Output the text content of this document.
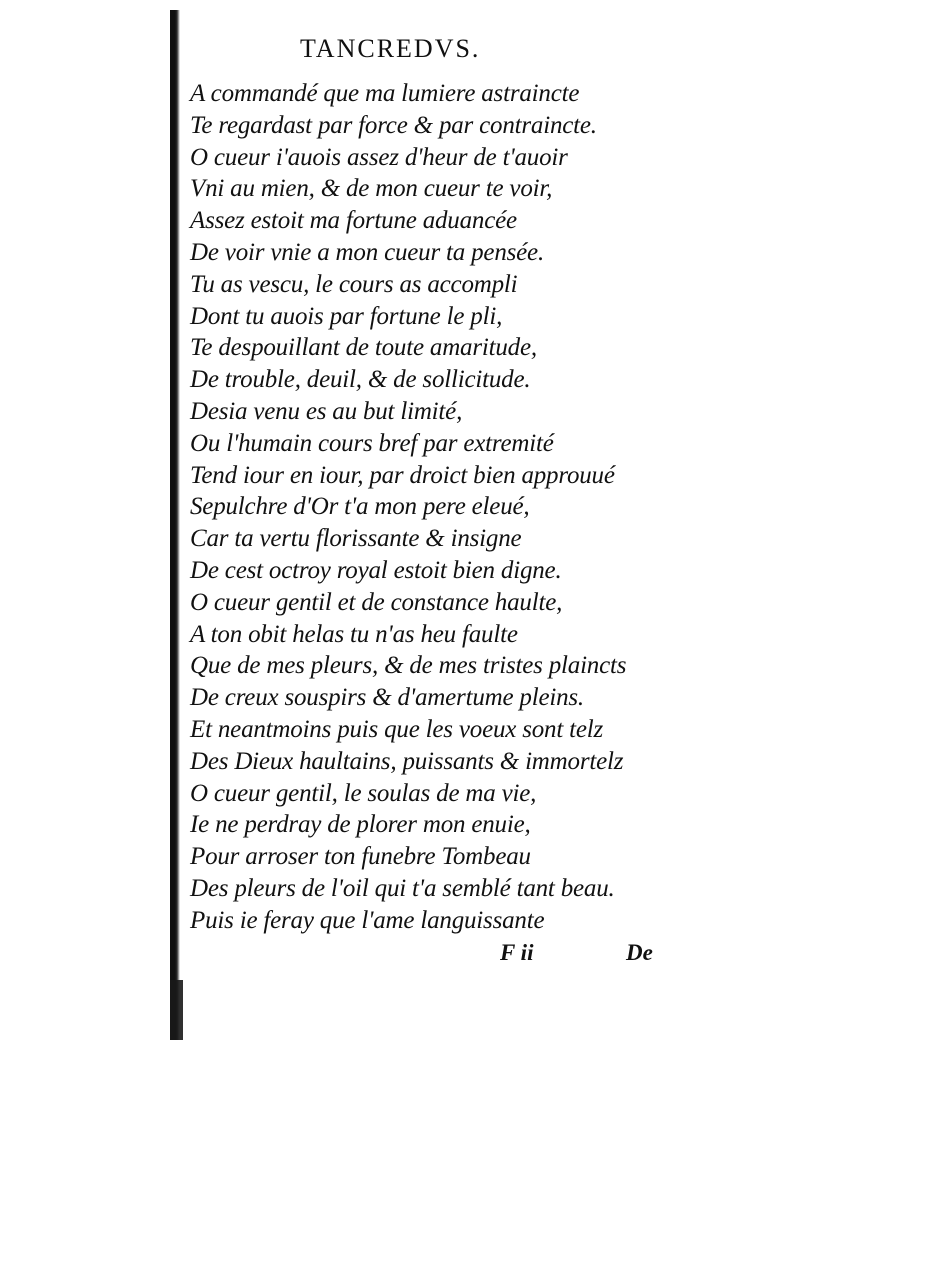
TANCREDVS.
A commandé que ma lumiere astraincte
Te regardast par force & par contraincte.
O cueur i'auois assez d'heur de t'auoir
Vni au mien, & de mon cueur te voir,
Assez estoit ma fortune aduancée
De voir vnie a mon cueur ta pensée.
Tu as vescu, le cours as accompli
Dont tu auois par fortune le pli,
Te despouillant de toute amaritude,
De trouble, deuil, & de sollicitude.
Desia venu es au but limité,
Ou l'humain cours bref par extremité
Tend iour en iour, par droict bien approuué
Sepulchre d'Or t'a mon pere eleué,
Car ta vertu florissante & insigne
De cest octroy royal estoit bien digne.
O cueur gentil et de constance haulte,
A ton obit helas tu n'as heu faulte
Que de mes pleurs, & de mes tristes plaincts
De creux souspirs & d'amertume pleins.
Et neantmoins puis que les voeux sont telz
Des Dieux haultains, puissants & immortelz
O cueur gentil, le soulas de ma vie,
Ie ne perdray de plorer mon enuie,
Pour arroser ton funebre Tombeau
Des pleurs de l'oil qui t'a semblé tant beau.
Puis ie feray que l'ame languissante
F ii	De
